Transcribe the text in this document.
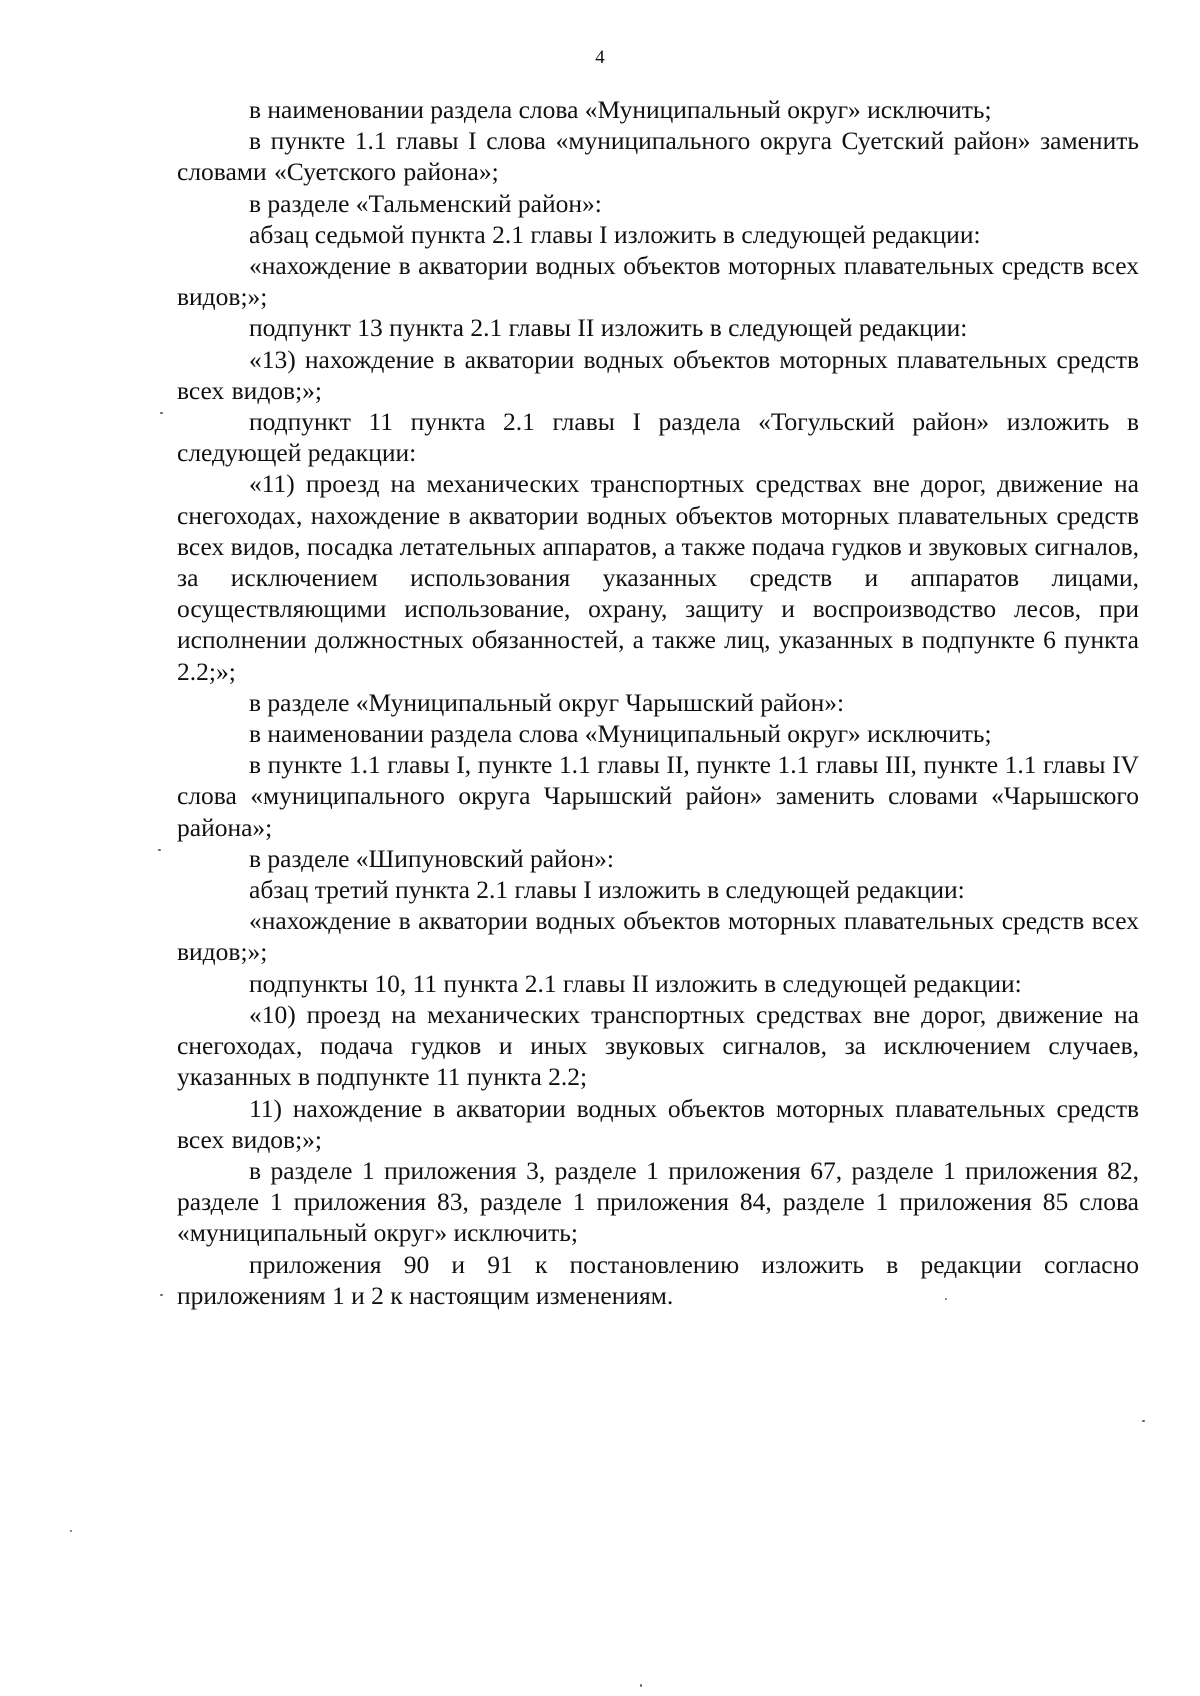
4

в наименовании раздела слова «Муниципальный округ» исключить;

в пункте 1.1 главы I слова «муниципального округа Суетский район» заменить словами «Суетского района»;

в разделе «Тальменский район»:

абзац седьмой пункта 2.1 главы I изложить в следующей редакции:

«нахождение в акватории водных объектов моторных плавательных средств всех видов;»;

подпункт 13 пункта 2.1 главы II изложить в следующей редакции:

«13) нахождение в акватории водных объектов моторных плавательных средств всех видов;»;

подпункт 11 пункта 2.1 главы I раздела «Тогульский район» изложить в следующей редакции:

«11) проезд на механических транспортных средствах вне дорог, движение на снегоходах, нахождение в акватории водных объектов моторных плавательных средств всех видов, посадка летательных аппаратов, а также подача гудков и звуковых сигналов, за исключением использования указанных средств и аппаратов лицами, осуществляющими использование, охрану, защиту и воспроизводство лесов, при исполнении должностных обязанностей, а также лиц, указанных в подпункте 6 пункта 2.2;»;

в разделе «Муниципальный округ Чарышский район»:

в наименовании раздела слова «Муниципальный округ» исключить;

в пункте 1.1 главы I, пункте 1.1 главы II, пункте 1.1 главы III, пункте 1.1 главы IV слова «муниципального округа Чарышский район» заменить словами «Чарышского района»;

в разделе «Шипуновский район»:

абзац третий пункта 2.1 главы I изложить в следующей редакции:

«нахождение в акватории водных объектов моторных плавательных средств всех видов;»;

подпункты 10, 11 пункта 2.1 главы II изложить в следующей редакции:

«10) проезд на механических транспортных средствах вне дорог, движение на снегоходах, подача гудков и иных звуковых сигналов, за исключением случаев, указанных в подпункте 11 пункта 2.2;

11) нахождение в акватории водных объектов моторных плавательных средств всех видов;»;

в разделе 1 приложения 3, разделе 1 приложения 67, разделе 1 приложения 82, разделе 1 приложения 83, разделе 1 приложения 84, разделе 1 приложения 85 слова «муниципальный округ» исключить;

приложения 90 и 91 к постановлению изложить в редакции согласно приложениям 1 и 2 к настоящим изменениям.
